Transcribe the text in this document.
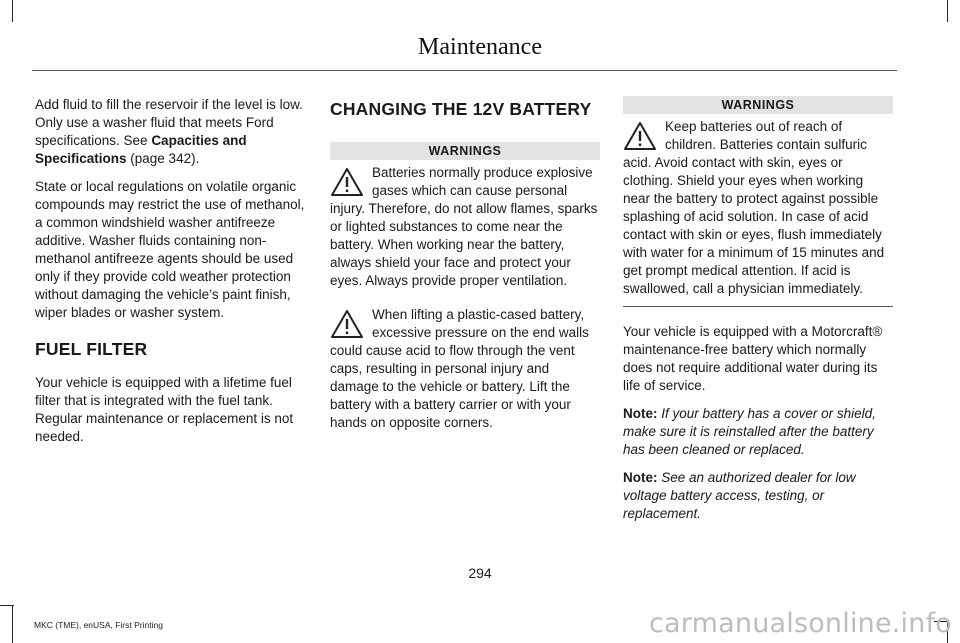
Maintenance

Add fluid to fill the reservoir if the level is low. Only use a washer fluid that meets Ford specifications. See Capacities and Specifications (page 342).

State or local regulations on volatile organic compounds may restrict the use of methanol, a common windshield washer antifreeze additive. Washer fluids containing non-methanol antifreeze agents should be used only if they provide cold weather protection without damaging the vehicle’s paint finish, wiper blades or washer system.

FUEL FILTER

Your vehicle is equipped with a lifetime fuel filter that is integrated with the fuel tank. Regular maintenance or replacement is not needed.

CHANGING THE 12V BATTERY
WARNINGS

Batteries normally produce explosive gases which can cause personal injury. Therefore, do not allow flames, sparks or lighted substances to come near the battery. When working near the battery, always shield your face and protect your eyes. Always provide proper ventilation.

When lifting a plastic-cased battery, excessive pressure on the end walls could cause acid to flow through the vent caps, resulting in personal injury and damage to the vehicle or battery. Lift the battery with a battery carrier or with your hands on opposite corners.

WARNINGS

Keep batteries out of reach of children. Batteries contain sulfuric acid. Avoid contact with skin, eyes or clothing. Shield your eyes when working near the battery to protect against possible splashing of acid solution. In case of acid contact with skin or eyes, flush immediately with water for a minimum of 15 minutes and get prompt medical attention. If acid is swallowed, call a physician immediately.

Your vehicle is equipped with a Motorcraft® maintenance-free battery which normally does not require additional water during its life of service.

Note: If your battery has a cover or shield, make sure it is reinstalled after the battery has been cleaned or replaced.

Note: See an authorized dealer for low voltage battery access, testing, or replacement.

294
MKC (TME), enUSA, First Printing	carmanualsonline.info
